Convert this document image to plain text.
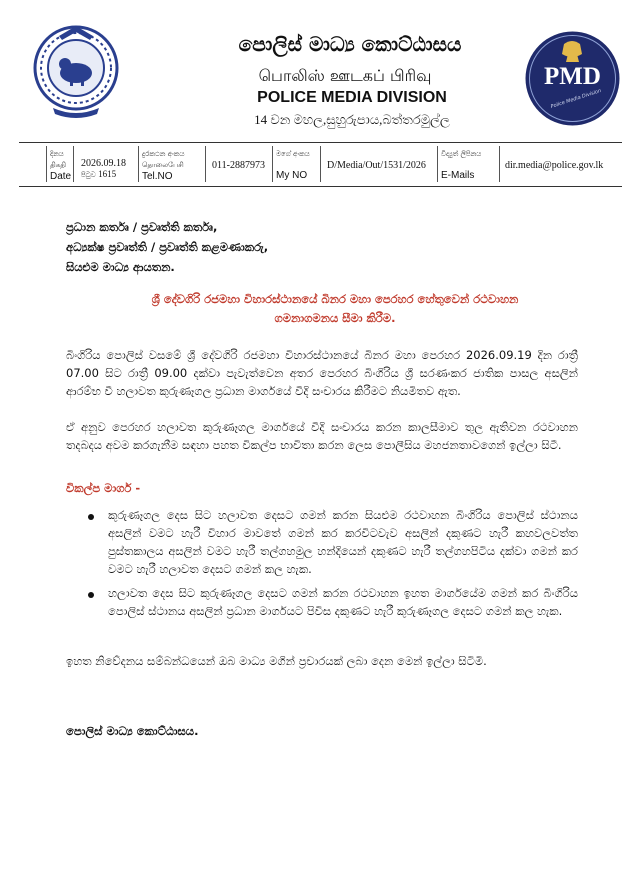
පොලිස් මාධ්‍ය කොට්ඨාසය
பொலிஸ் ஊடகப் பிரிவு
POLICE MEDIA DIVISION
14 වන මහල,සුහුරුපාය,බත්තරමුල්ල
PMD
Police Media Division
දිනය
திகதி
Date
2026.09.18
පිටුව 1615
දුරකථන අංකය
தொலைபேசி
Tel.NO
011-2887973
මගේ අංකය
My NO
D/Media/Out/1531/2026
විද්‍යුත් ලිපිනය
E-Mails
dir.media@police.gov.lk
ප්‍රධාන කර්තෘ / ප්‍රවෘත්ති කර්තෘ,
අධ්‍යක්ෂ ප්‍රවෘත්ති / ප්‍රවෘත්ති කළමණාකරු,
සියළුම මාධ්‍ය ආයතන.
ශ්‍රී දේවගිරි රජමහා විහාරස්ථානයේ බිනර මහා පෙරහර හේතුවෙන් රථවාහන
ගමනාගමනය සීමා කිරීම.
බිංගිරිය පොලිස් වසමේ ශ්‍රී දේවගිරි රජමහා විහාරස්ථානයේ බිනර මහා පෙරහර 2026.09.19 දින රාත්‍රී 07.00 සිට රාත්‍රී 09.00 දක්වා පැවැත්වෙන අතර පෙරහර බිංගිරිය ශ්‍රී සරණංකර ජාතික පාසල අසලින් ආරම්භ වී හලාවත කුරුණෑගල ප්‍රධාන මාර්ගයේ වීදි සංචාරය කිරීමට නියමිතව ඇත.
ඒ අනුව පෙරහර හලාවත කුරුණෑගල මාර්ගයේ වීදි සංචාරය කරන කාලසීමාව තුල ඇතිවන රථවාහන තදබදය අවම කරගැනීම සඳහා පහත විකල්ප භාවිතා කරන ලෙස පොලීසිය මහජනතාවගෙන් ඉල්ලා සිටී.
විකල්ප මාර්ග -
කුරුණෑගල දෙස සිට හලාවත දෙසට ගමන් කරන සියළුම රථවාහන බිංගිරිය පොලිස් ස්ථානය අසලින් වමට හැරී විහාර මාවතේ ගමන් කර කරවිටවැව අසලින් දකුණට හැරී කහවලවත්ත පුස්තකාලය අසලින් වමට හැරී තල්ගහමුල හන්දියෙන් දකුණට හැරී තල්ගහපිටිය දක්වා ගමන් කර වමට හැරී හලාවත දෙසට ගමන් කල හැක.
හලාවත දෙස සිට කුරුණෑගල දෙසට ගමන් කරන රථවාහන ඉහත මාර්ගයේම ගමන් කර බිංගිරිය පොලිස් ස්ථානය අසලින් ප්‍රධාන මාර්ගයට පිවිස දකුණට හැරී කුරුණෑගල දෙසට ගමන් කල හැක.
ඉහත නිවේදනය සම්බන්ධයෙන් ඔබ මාධ්‍ය මගින් ප්‍රචාරයක් ලබා දෙන මෙන් ඉල්ලා සිටිමි.
පොලිස් මාධ්‍ය කොට්ඨාසය.
